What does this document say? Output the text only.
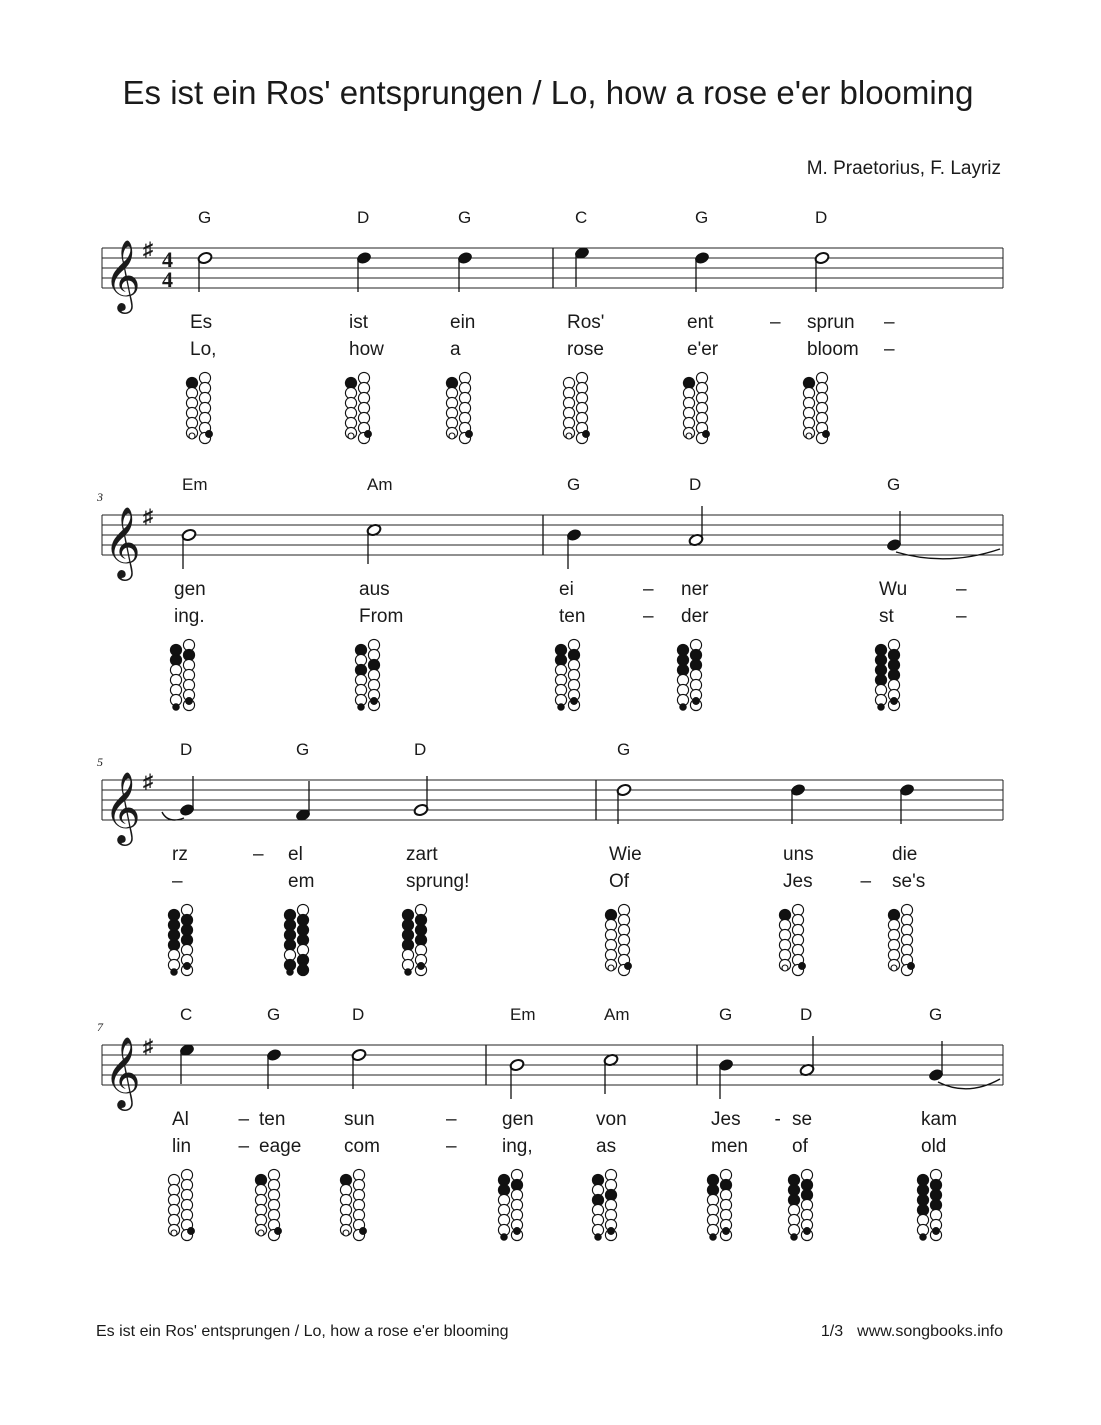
Es ist ein Ros' entsprungen / Lo, how a rose e'er blooming
M. Praetorius, F. Layriz
𝄞 ♯ 4
4
G	D	G	C	G	D
Es	ist	ein	Ros'	ent	– sprun –
Lo,	how	a	rose	e'er	bloom –
𝄞 ♯
3
Em	Am	G	D	G
gen	aus	ei	– ner	Wu	–
ing.	From	ten	– der	st	–
𝄞 ♯
5
D	G	D	G
rz	– el	zart	Wie	uns	die
–	em	sprung!	Of	Jes	– se's
𝄞 ♯
7
C	G	D	Em	Am	G	D	G
Al	– ten	sun	– gen	von	Jes - se	kam
lin – eage com	– ing,	as	men of	old
Es ist ein Ros' entsprungen / Lo, how a rose e'er blooming	1/3 www.songbooks.info
